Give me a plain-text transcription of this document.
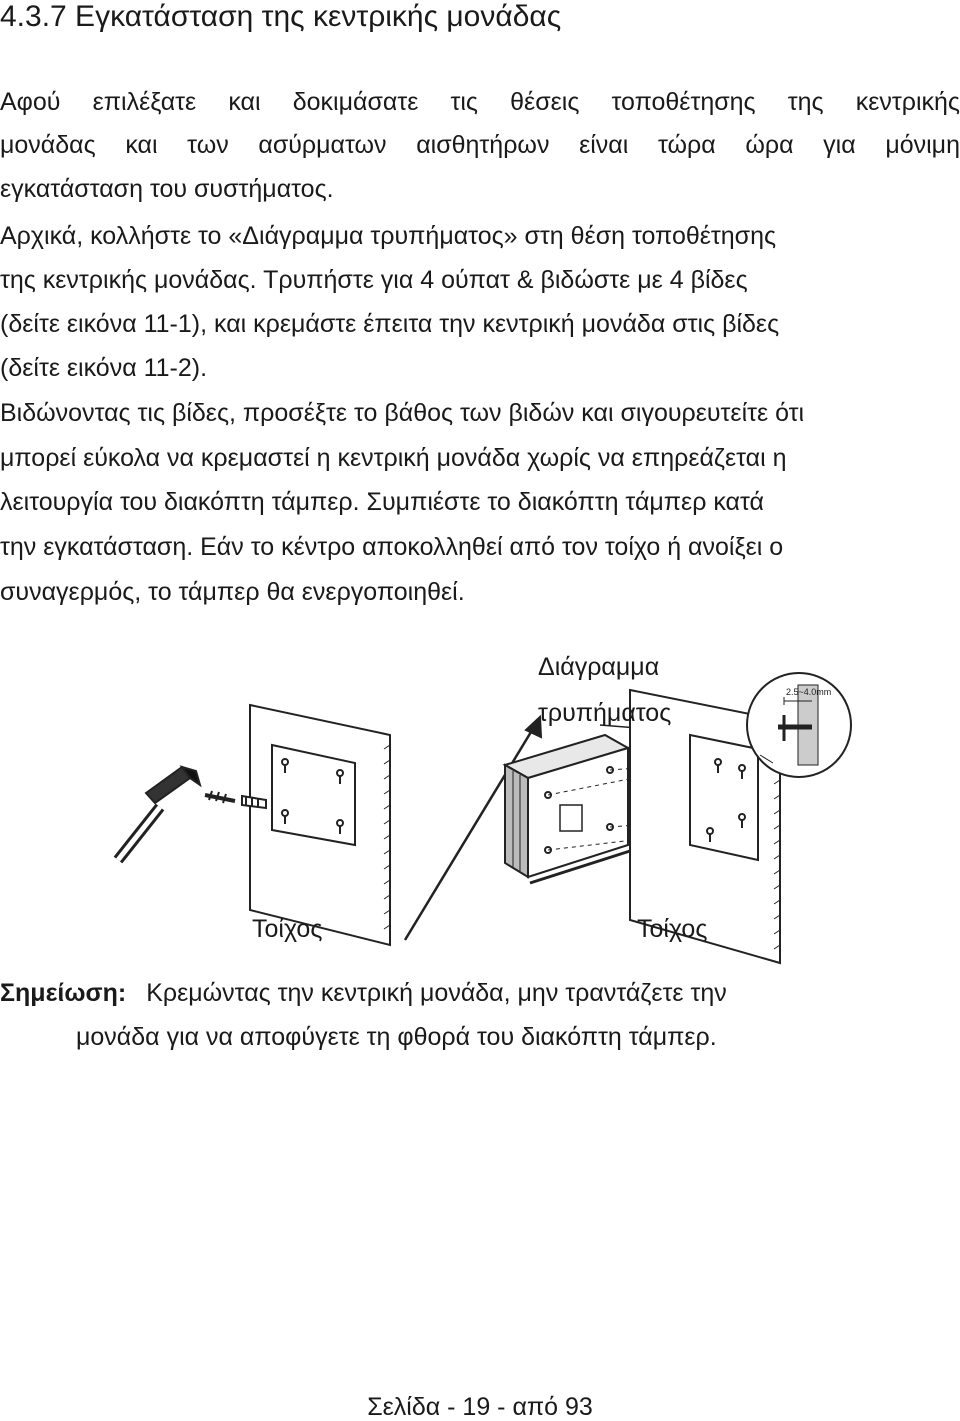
4.3.7 Εγκατάσταση της κεντρικής μονάδας

Αφού επιλέξατε και δοκιμάσατε τις θέσεις τοποθέτησης της κεντρικής

μονάδας και των ασύρματων αισθητήρων είναι τώρα ώρα για μόνιμη

εγκατάσταση του συστήματος.

Αρχικά, κολλήστε το «Διάγραμμα τρυπήματος» στη θέση τοποθέτησης

της κεντρικής μονάδας. Τρυπήστε για 4 ούπατ & βιδώστε με 4 βίδες

(δείτε εικόνα 11-1), και κρεμάστε έπειτα την κεντρική μονάδα στις βίδες

(δείτε εικόνα 11-2).

Βιδώνοντας τις βίδες, προσέξτε το βάθος των βιδών και σιγουρευτείτε ότι

μπορεί εύκολα να κρεμαστεί η κεντρική μονάδα χωρίς να επηρεάζεται η

λειτουργία του διακόπτη τάμπερ. Συμπιέστε το διακόπτη τάμπερ κατά

την εγκατάσταση. Εάν το κέντρο αποκολληθεί από τον τοίχο ή ανοίξει ο

συναγερμός, το τάμπερ θα ενεργοποιηθεί.

2.5~4.0mm

Διάγραμμα

τρυπήματος

Τοίχος	Τοίχος

Σημείωση: Κρεμώντας την κεντρική μονάδα, μην τραντάζετε την

μονάδα για να αποφύγετε τη φθορά του διακόπτη τάμπερ.

Σελίδα - 19 - από 93
